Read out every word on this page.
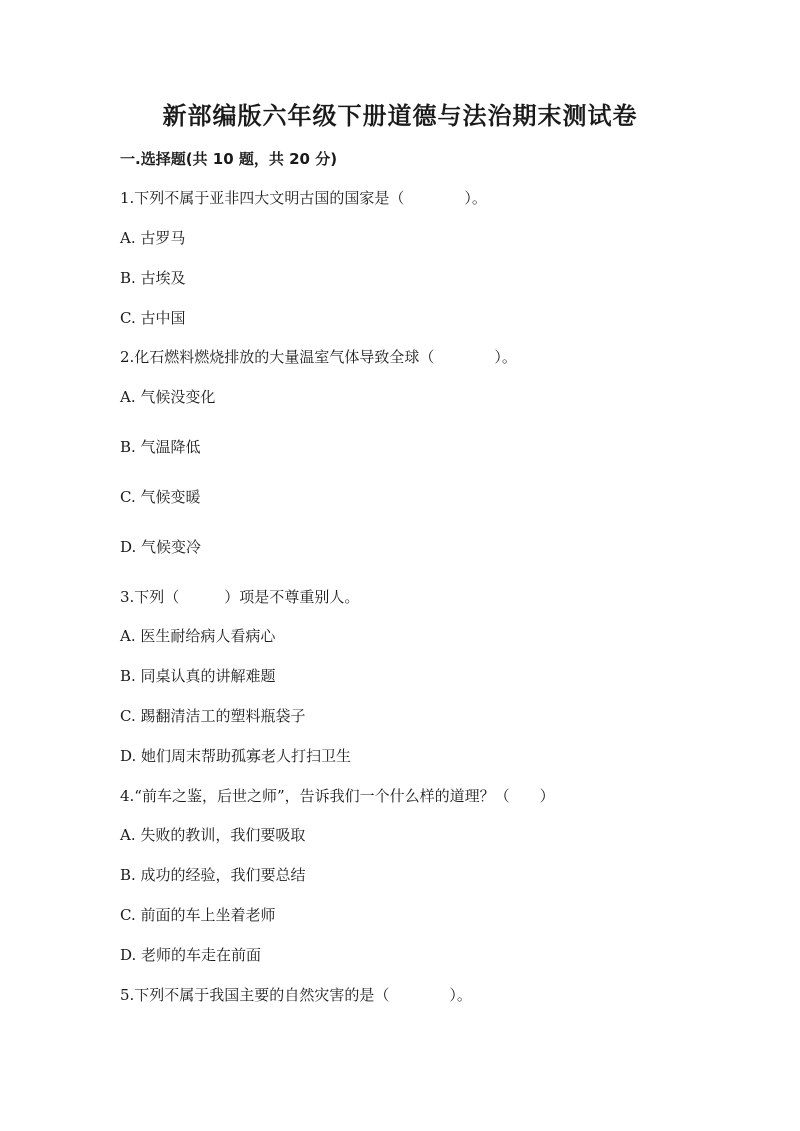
新部编版六年级下册道德与法治期末测试卷
一.选择题(共 10 题，共 20 分)
1.下列不属于亚非四大文明古国的国家是（　　　　）。
A. 古罗马
B. 古埃及
C. 古中国
2.化石燃料燃烧排放的大量温室气体导致全球（　　　　）。
A. 气候没变化
B. 气温降低
C. 气候变暖
D. 气候变冷
3.下列（　　　）项是不尊重别人。
A. 医生耐给病人看病心
B. 同桌认真的讲解难题
C. 踢翻清洁工的塑料瓶袋子
D. 她们周末帮助孤寡老人打扫卫生
4.“前车之鉴，后世之师”，告诉我们一个什么样的道理？（　　）
A. 失败的教训，我们要吸取
B. 成功的经验，我们要总结
C. 前面的车上坐着老师
D. 老师的车走在前面
5.下列不属于我国主要的自然灾害的是（　　　　）。
